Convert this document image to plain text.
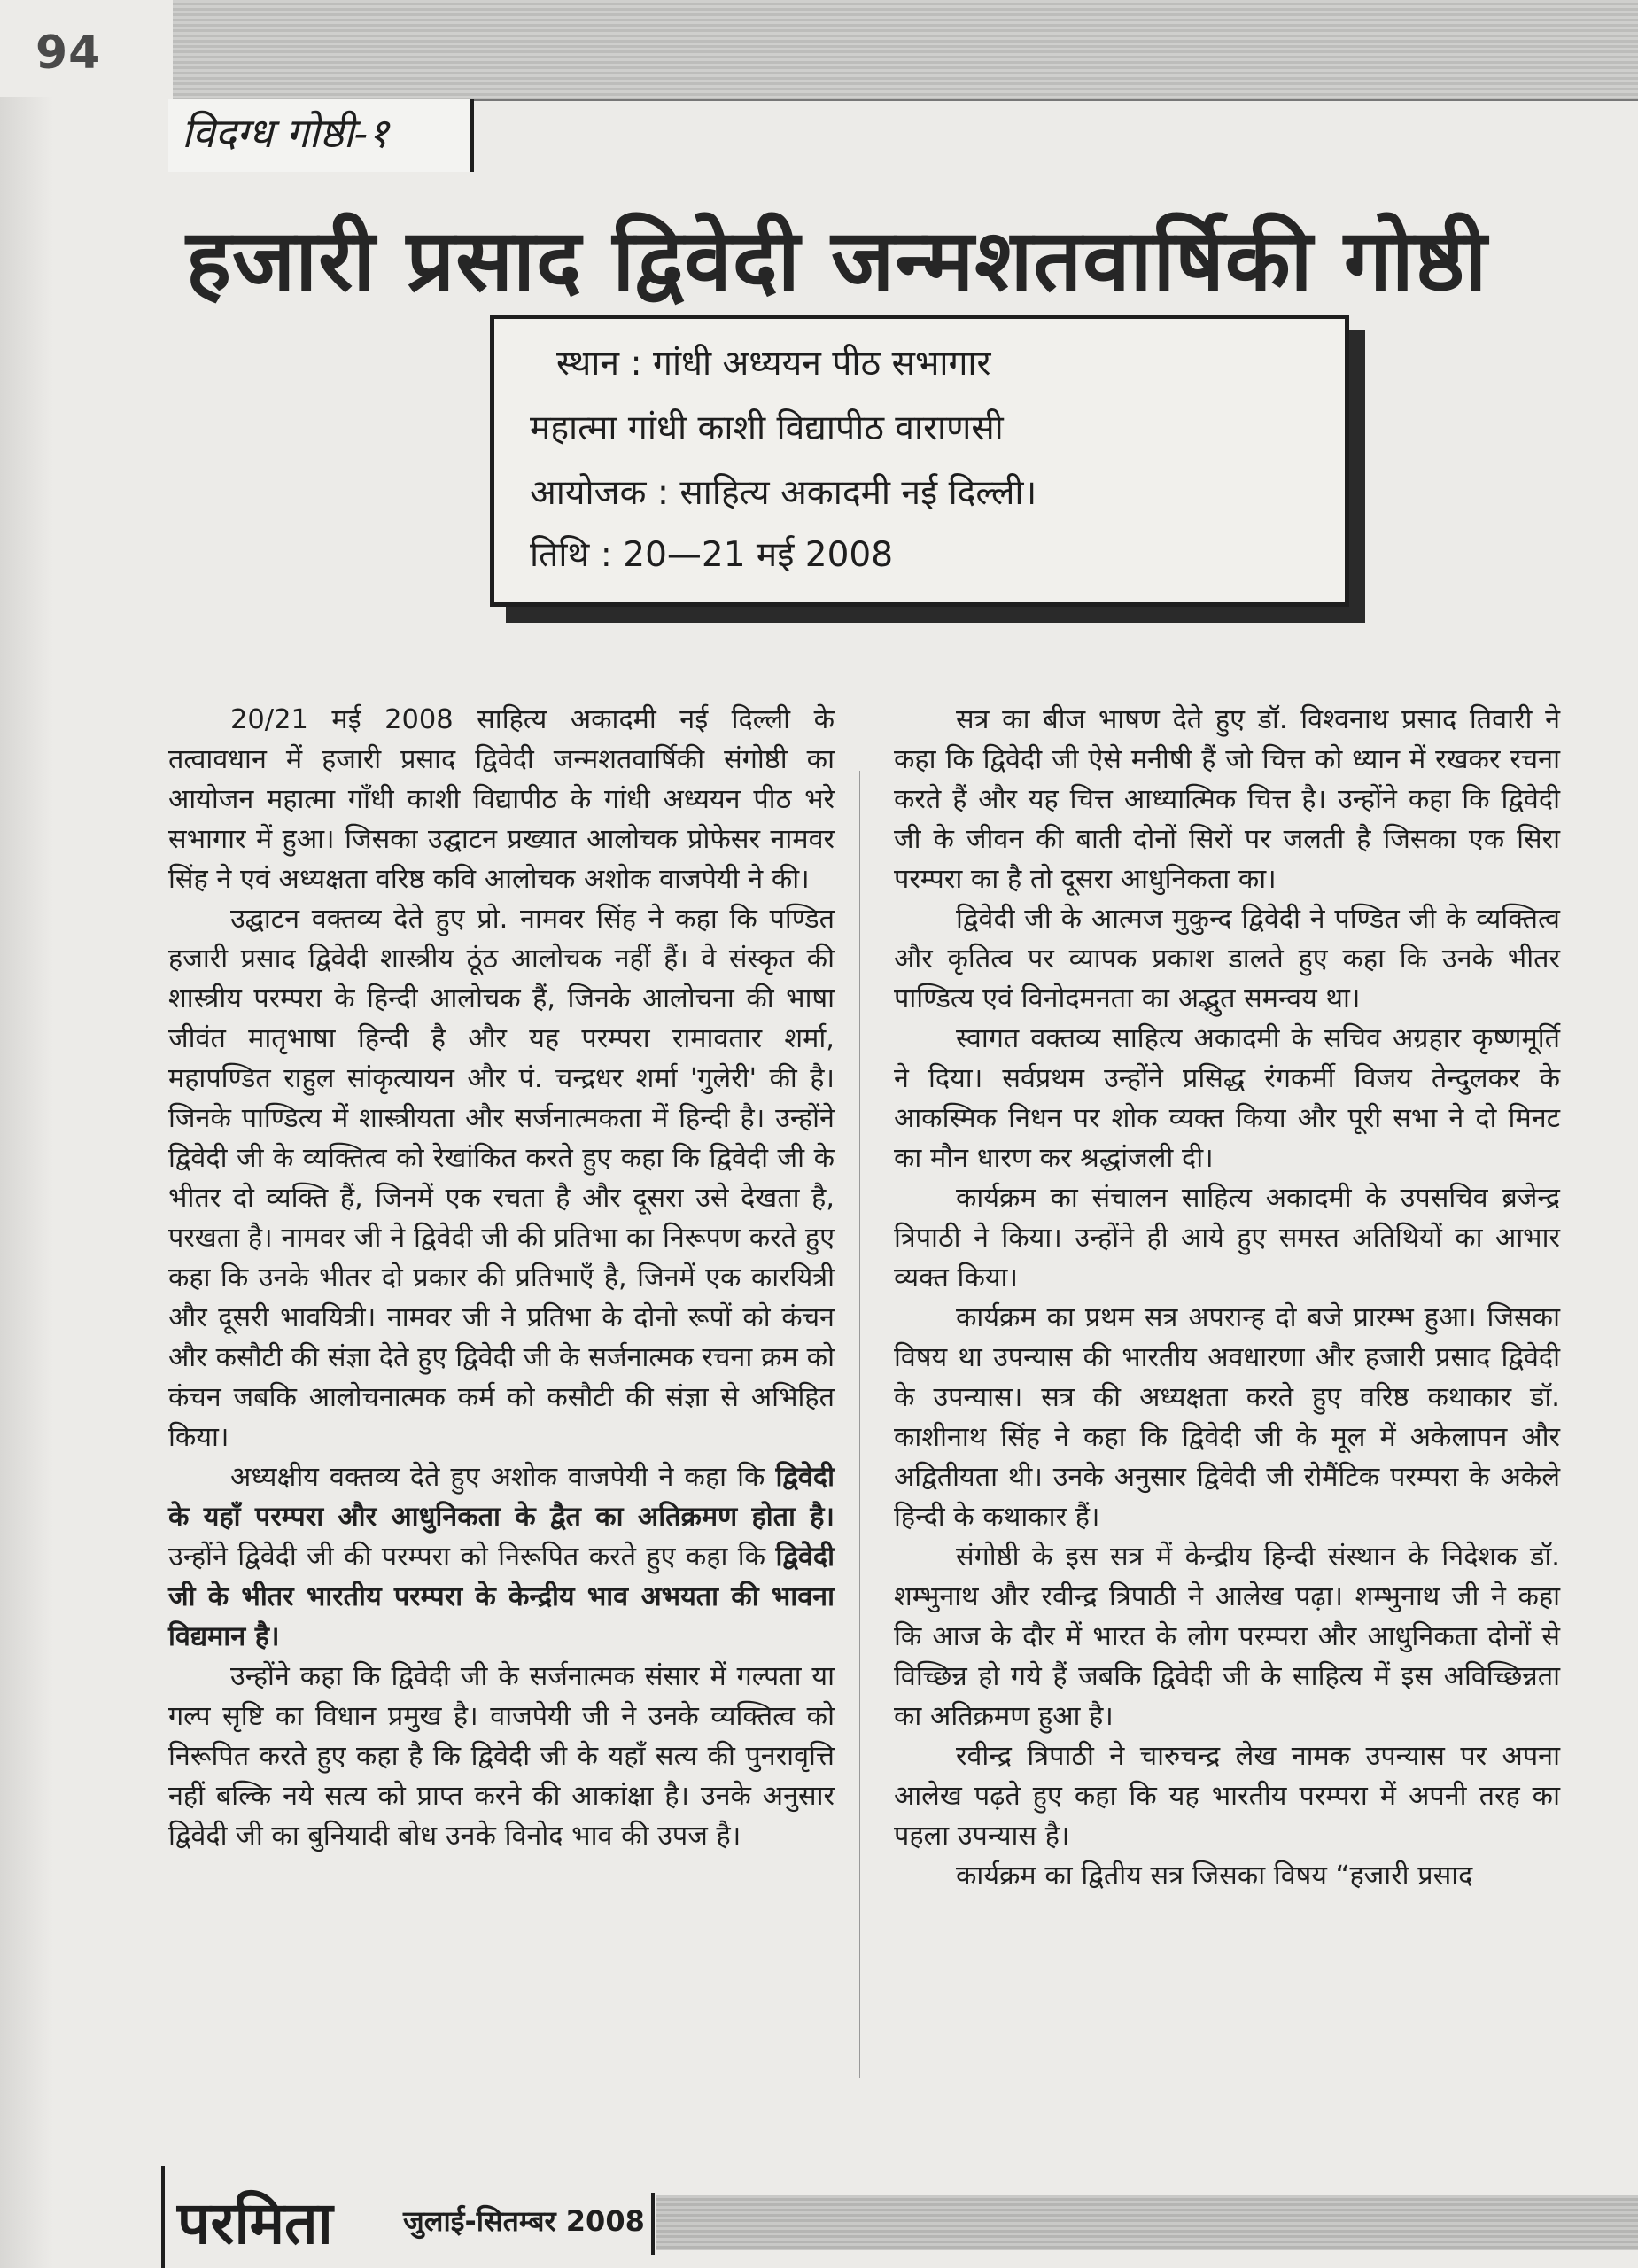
94
विदग्ध गोष्ठी-१
हजारी प्रसाद द्विवेदी जन्मशतवार्षिकी गोष्ठी
स्थान : गांधी अध्ययन पीठ सभागार
महात्मा गांधी काशी विद्यापीठ वाराणसी
आयोजक : साहित्य अकादमी नई दिल्ली।
तिथि : 20—21 मई 2008

20/21 मई 2008 साहित्य अकादमी नई दिल्ली के तत्वावधान में हजारी प्रसाद द्विवेदी जन्मशतवार्षिकी संगोष्ठी का आयोजन महात्मा गाँधी काशी विद्यापीठ के गांधी अध्ययन पीठ भरे सभागार में हुआ। जिसका उद्घाटन प्रख्यात आलोचक प्रोफेसर नामवर सिंह ने एवं अध्यक्षता वरिष्ठ कवि आलोचक अशोक वाजपेयी ने की।

उद्घाटन वक्तव्य देते हुए प्रो. नामवर सिंह ने कहा कि पण्डित हजारी प्रसाद द्विवेदी शास्त्रीय ठूंठ आलोचक नहीं हैं। वे संस्कृत की शास्त्रीय परम्परा के हिन्दी आलोचक हैं, जिनके आलोचना की भाषा जीवंत मातृभाषा हिन्दी है और यह परम्परा रामावतार शर्मा, महापण्डित राहुल सांकृत्यायन और पं. चन्द्रधर शर्मा 'गुलेरी' की है। जिनके पाण्डित्य में शास्त्रीयता और सर्जनात्मकता में हिन्दी है। उन्होंने द्विवेदी जी के व्यक्तित्व को रेखांकित करते हुए कहा कि द्विवेदी जी के भीतर दो व्यक्ति हैं, जिनमें एक रचता है और दूसरा उसे देखता है, परखता है। नामवर जी ने द्विवेदी जी की प्रतिभा का निरूपण करते हुए कहा कि उनके भीतर दो प्रकार की प्रतिभाएँ है, जिनमें एक कारयित्री और दूसरी भावयित्री। नामवर जी ने प्रतिभा के दोनो रूपों को कंचन और कसौटी की संज्ञा देते हुए द्विवेदी जी के सर्जनात्मक रचना क्रम को कंचन जबकि आलोचनात्मक कर्म को कसौटी की संज्ञा से अभिहित किया।

अध्यक्षीय वक्तव्य देते हुए अशोक वाजपेयी ने कहा कि द्विवेदी के यहाँ परम्परा और आधुनिकता के द्वैत का अतिक्रमण होता है। उन्होंने द्विवेदी जी की परम्परा को निरूपित करते हुए कहा कि द्विवेदी जी के भीतर भारतीय परम्परा के केन्द्रीय भाव अभयता की भावना विद्यमान है।

उन्होंने कहा कि द्विवेदी जी के सर्जनात्मक संसार में गल्पता या गल्प सृष्टि का विधान प्रमुख है। वाजपेयी जी ने उनके व्यक्तित्व को निरूपित करते हुए कहा है कि द्विवेदी जी के यहाँ सत्य की पुनरावृत्ति नहीं बल्कि नये सत्य को प्राप्त करने की आकांक्षा है। उनके अनुसार द्विवेदी जी का बुनियादी बोध उनके विनोद भाव की उपज है।

सत्र का बीज भाषण देते हुए डॉ. विश्वनाथ प्रसाद तिवारी ने कहा कि द्विवेदी जी ऐसे मनीषी हैं जो चित्त को ध्यान में रखकर रचना करते हैं और यह चित्त आध्यात्मिक चित्त है। उन्होंने कहा कि द्विवेदी जी के जीवन की बाती दोनों सिरों पर जलती है जिसका एक सिरा परम्परा का है तो दूसरा आधुनिकता का।

द्विवेदी जी के आत्मज मुकुन्द द्विवेदी ने पण्डित जी के व्यक्तित्व और कृतित्व पर व्यापक प्रकाश डालते हुए कहा कि उनके भीतर पाण्डित्य एवं विनोदमनता का अद्भुत समन्वय था।

स्वागत वक्तव्य साहित्य अकादमी के सचिव अग्रहार कृष्णमूर्ति ने दिया। सर्वप्रथम उन्होंने प्रसिद्ध रंगकर्मी विजय तेन्दुलकर के आकस्मिक निधन पर शोक व्यक्त किया और पूरी सभा ने दो मिनट का मौन धारण कर श्रद्धांजली दी।

कार्यक्रम का संचालन साहित्य अकादमी के उपसचिव ब्रजेन्द्र त्रिपाठी ने किया। उन्होंने ही आये हुए समस्त अतिथियों का आभार व्यक्त किया।

कार्यक्रम का प्रथम सत्र अपरान्ह दो बजे प्रारम्भ हुआ। जिसका विषय था उपन्यास की भारतीय अवधारणा और हजारी प्रसाद द्विवेदी के उपन्यास। सत्र की अध्यक्षता करते हुए वरिष्ठ कथाकार डॉ. काशीनाथ सिंह ने कहा कि द्विवेदी जी के मूल में अकेलापन और अद्वितीयता थी। उनके अनुसार द्विवेदी जी रोमैंटिक परम्परा के अकेले हिन्दी के कथाकार हैं।

संगोष्ठी के इस सत्र में केन्द्रीय हिन्दी संस्थान के निदेशक डॉ. शम्भुनाथ और रवीन्द्र त्रिपाठी ने आलेख पढ़ा। शम्भुनाथ जी ने कहा कि आज के दौर में भारत के लोग परम्परा और आधुनिकता दोनों से विच्छिन्न हो गये हैं जबकि द्विवेदी जी के साहित्य में इस अविच्छिन्नता का अतिक्रमण हुआ है।

रवीन्द्र त्रिपाठी ने चारुचन्द्र लेख नामक उपन्यास पर अपना आलेख पढ़ते हुए कहा कि यह भारतीय परम्परा में अपनी तरह का पहला उपन्यास है।

कार्यक्रम का द्वितीय सत्र जिसका विषय “हजारी प्रसाद

परमिता जुलाई-सितम्बर 2008
